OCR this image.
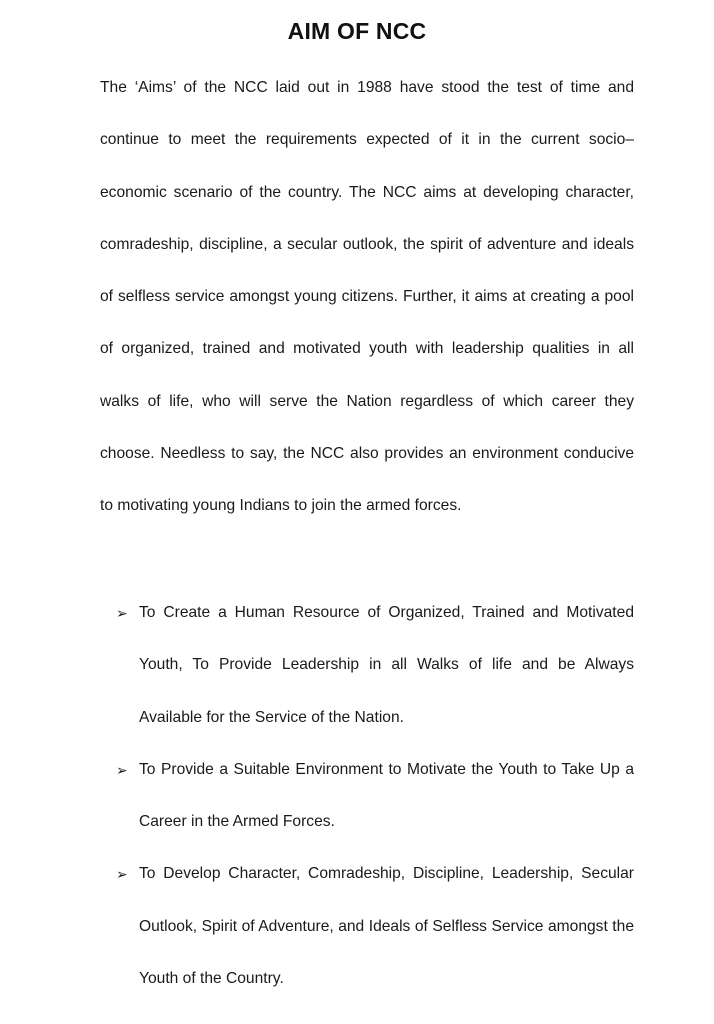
AIM OF NCC

The ‘Aims’ of the NCC laid out in 1988 have stood the test of time and continue to meet the requirements expected of it in the current socio–economic scenario of the country. The NCC aims at developing character, comradeship, discipline, a secular outlook, the spirit of adventure and ideals of selfless service amongst young citizens. Further, it aims at creating a pool of organized, trained and motivated youth with leadership qualities in all walks of life, who will serve the Nation regardless of which career they choose. Needless to say, the NCC also provides an environment conducive to motivating young Indians to join the armed forces.

➢ To Create a Human Resource of Organized, Trained and Motivated Youth, To Provide Leadership in all Walks of life and be Always Available for the Service of the Nation.
➢ To Provide a Suitable Environment to Motivate the Youth to Take Up a Career in the Armed Forces.
➢ To Develop Character, Comradeship, Discipline, Leadership, Secular Outlook, Spirit of Adventure, and Ideals of Selfless Service amongst the Youth of the Country.
